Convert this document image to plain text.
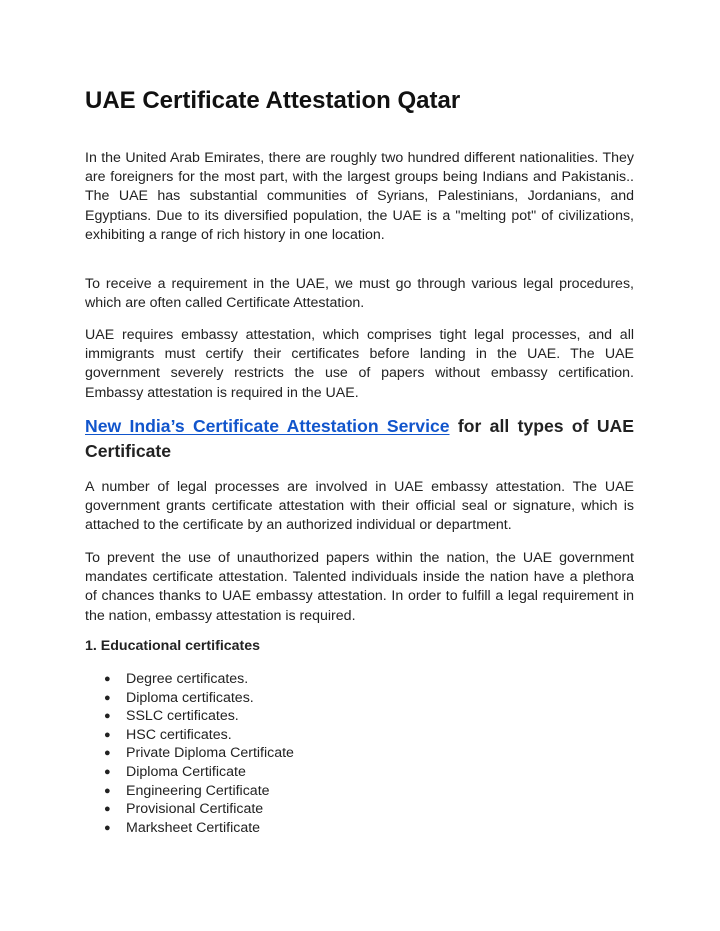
UAE Certificate Attestation Qatar

In the United Arab Emirates, there are roughly two hundred different nationalities. They are foreigners for the most part, with the largest groups being Indians and Pakistanis.. The UAE has substantial communities of Syrians, Palestinians, Jordanians, and Egyptians. Due to its diversified population, the UAE is a "melting pot" of civilizations, exhibiting a range of rich history in one location.

To receive a requirement in the UAE, we must go through various legal procedures, which are often called Certificate Attestation.

UAE requires embassy attestation, which comprises tight legal processes, and all immigrants must certify their certificates before landing in the UAE. The UAE government severely restricts the use of papers without embassy certification. Embassy attestation is required in the UAE.

New India’s Certificate Attestation Service for all types of UAE Certificate

A number of legal processes are involved in UAE embassy attestation. The UAE government grants certificate attestation with their official seal or signature, which is attached to the certificate by an authorized individual or department.

To prevent the use of unauthorized papers within the nation, the UAE government mandates certificate attestation. Talented individuals inside the nation have a plethora of chances thanks to UAE embassy attestation. In order to fulfill a legal requirement in the nation, embassy attestation is required.

1. Educational certificates

● Degree certificates.
● Diploma certificates.
● SSLC certificates.
● HSC certificates.
● Private Diploma Certificate
● Diploma Certificate
● Engineering Certificate
● Provisional Certificate
● Marksheet Certificate
